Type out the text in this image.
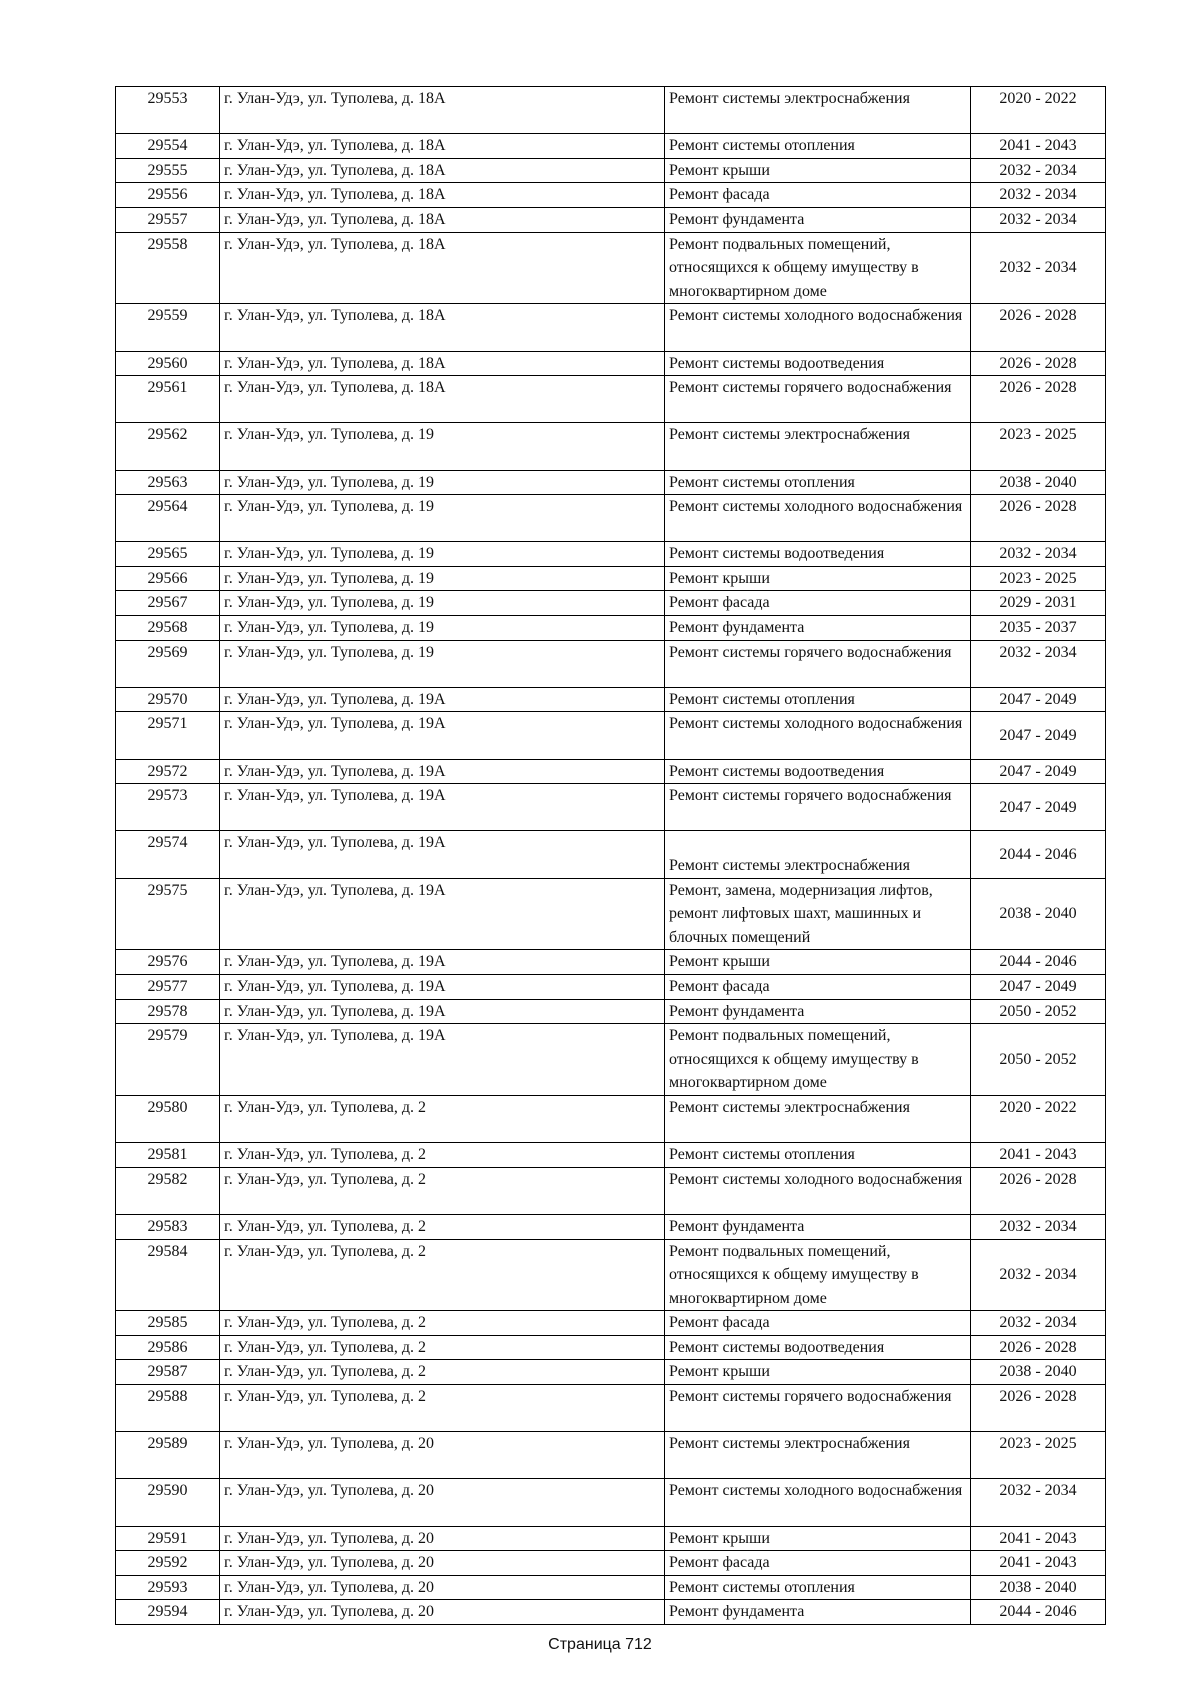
29553	г. Улан-Удэ, ул. Туполева, д. 18А	Ремонт системы электроснабжения	2020 - 2022
29554	г. Улан-Удэ, ул. Туполева, д. 18А	Ремонт системы отопления	2041 - 2043
29555	г. Улан-Удэ, ул. Туполева, д. 18А	Ремонт крыши	2032 - 2034
29556	г. Улан-Удэ, ул. Туполева, д. 18А	Ремонт фасада	2032 - 2034
29557	г. Улан-Удэ, ул. Туполева, д. 18А	Ремонт фундамента	2032 - 2034
29558	г. Улан-Удэ, ул. Туполева, д. 18А	Ремонт подвальных помещений, относящихся к общему имуществу в многоквартирном доме	2032 - 2034
29559	г. Улан-Удэ, ул. Туполева, д. 18А	Ремонт системы холодного водоснабжения	2026 - 2028
29560	г. Улан-Удэ, ул. Туполева, д. 18А	Ремонт системы водоотведения	2026 - 2028
29561	г. Улан-Удэ, ул. Туполева, д. 18А	Ремонт системы горячего водоснабжения	2026 - 2028
29562	г. Улан-Удэ, ул. Туполева, д. 19	Ремонт системы электроснабжения	2023 - 2025
29563	г. Улан-Удэ, ул. Туполева, д. 19	Ремонт системы отопления	2038 - 2040
29564	г. Улан-Удэ, ул. Туполева, д. 19	Ремонт системы холодного водоснабжения	2026 - 2028
29565	г. Улан-Удэ, ул. Туполева, д. 19	Ремонт системы водоотведения	2032 - 2034
29566	г. Улан-Удэ, ул. Туполева, д. 19	Ремонт крыши	2023 - 2025
29567	г. Улан-Удэ, ул. Туполева, д. 19	Ремонт фасада	2029 - 2031
29568	г. Улан-Удэ, ул. Туполева, д. 19	Ремонт фундамента	2035 - 2037
29569	г. Улан-Удэ, ул. Туполева, д. 19	Ремонт системы горячего водоснабжения	2032 - 2034
29570	г. Улан-Удэ, ул. Туполева, д. 19А	Ремонт системы отопления	2047 - 2049
29571	г. Улан-Удэ, ул. Туполева, д. 19А	Ремонт системы холодного водоснабжения	2047 - 2049
29572	г. Улан-Удэ, ул. Туполева, д. 19А	Ремонт системы водоотведения	2047 - 2049
29573	г. Улан-Удэ, ул. Туполева, д. 19А	Ремонт системы горячего водоснабжения	2047 - 2049
29574	г. Улан-Удэ, ул. Туполева, д. 19А	Ремонт системы электроснабжения	2044 - 2046
29575	г. Улан-Удэ, ул. Туполева, д. 19А	Ремонт, замена, модернизация лифтов, ремонт лифтовых шахт, машинных и блочных помещений	2038 - 2040
29576	г. Улан-Удэ, ул. Туполева, д. 19А	Ремонт крыши	2044 - 2046
29577	г. Улан-Удэ, ул. Туполева, д. 19А	Ремонт фасада	2047 - 2049
29578	г. Улан-Удэ, ул. Туполева, д. 19А	Ремонт фундамента	2050 - 2052
29579	г. Улан-Удэ, ул. Туполева, д. 19А	Ремонт подвальных помещений, относящихся к общему имуществу в многоквартирном доме	2050 - 2052
29580	г. Улан-Удэ, ул. Туполева, д. 2	Ремонт системы электроснабжения	2020 - 2022
29581	г. Улан-Удэ, ул. Туполева, д. 2	Ремонт системы отопления	2041 - 2043
29582	г. Улан-Удэ, ул. Туполева, д. 2	Ремонт системы холодного водоснабжения	2026 - 2028
29583	г. Улан-Удэ, ул. Туполева, д. 2	Ремонт фундамента	2032 - 2034
29584	г. Улан-Удэ, ул. Туполева, д. 2	Ремонт подвальных помещений, относящихся к общему имуществу в многоквартирном доме	2032 - 2034
29585	г. Улан-Удэ, ул. Туполева, д. 2	Ремонт фасада	2032 - 2034
29586	г. Улан-Удэ, ул. Туполева, д. 2	Ремонт системы водоотведения	2026 - 2028
29587	г. Улан-Удэ, ул. Туполева, д. 2	Ремонт крыши	2038 - 2040
29588	г. Улан-Удэ, ул. Туполева, д. 2	Ремонт системы горячего водоснабжения	2026 - 2028
29589	г. Улан-Удэ, ул. Туполева, д. 20	Ремонт системы электроснабжения	2023 - 2025
29590	г. Улан-Удэ, ул. Туполева, д. 20	Ремонт системы холодного водоснабжения	2032 - 2034
29591	г. Улан-Удэ, ул. Туполева, д. 20	Ремонт крыши	2041 - 2043
29592	г. Улан-Удэ, ул. Туполева, д. 20	Ремонт фасада	2041 - 2043
29593	г. Улан-Удэ, ул. Туполева, д. 20	Ремонт системы отопления	2038 - 2040
29594	г. Улан-Удэ, ул. Туполева, д. 20	Ремонт фундамента	2044 - 2046
Страница 712
